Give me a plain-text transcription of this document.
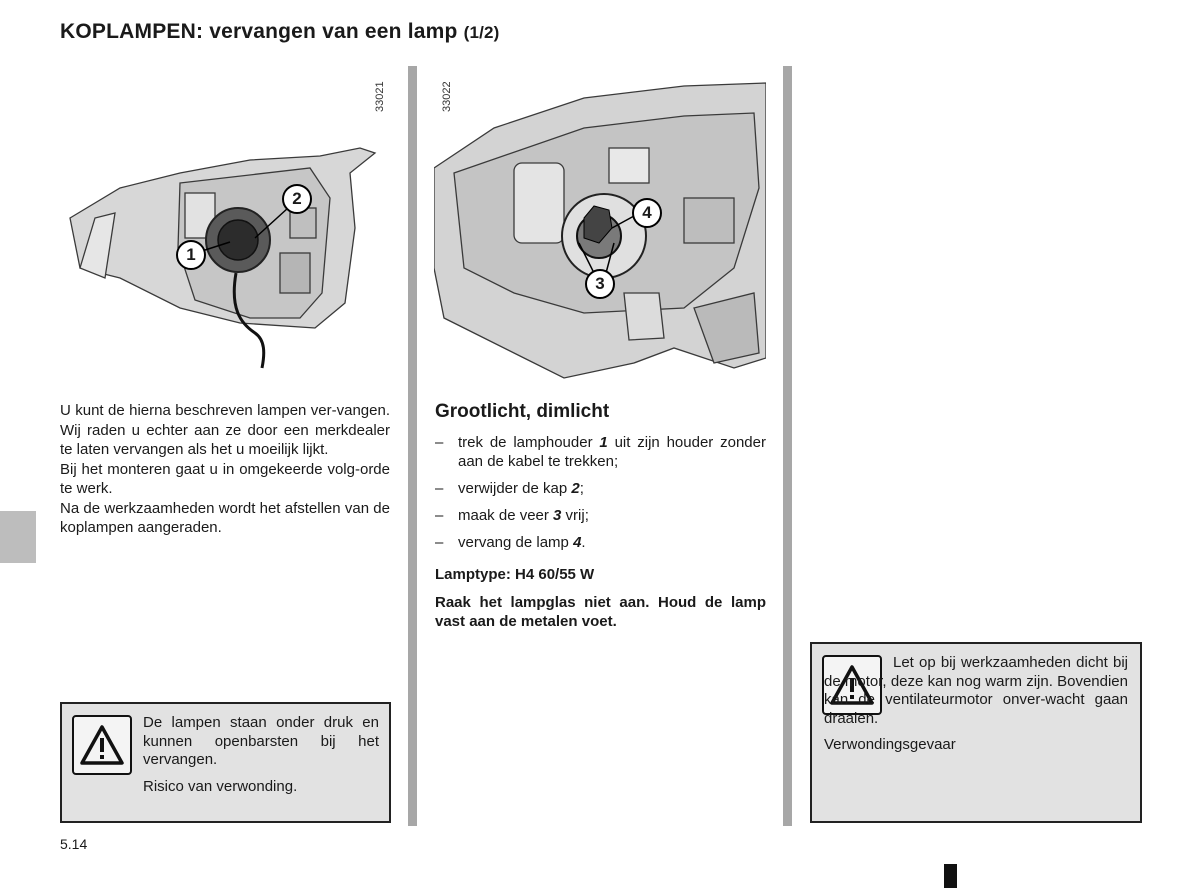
KOPLAMPEN: vervangen van een lamp (1/2)
1
2
33021
4
3
33022

U kunt de hierna beschreven lampen ver-vangen. Wij raden u echter aan ze door een merkdealer te laten vervangen als het u moeilijk lijkt.

Bij het monteren gaat u in omgekeerde volg-orde te werk.

Na de werkzaamheden wordt het afstellen van de koplampen aangeraden.

De lampen staan onder druk en kunnen openbarsten bij het vervangen.

Risico van verwonding.

Grootlicht, dimlicht
– trek de lamphouder 1 uit zijn houder zonder aan de kabel te trekken;
– verwijder de kap 2;
– maak de veer 3 vrij;
– vervang de lamp 4.
Lamptype: H4 60/55 W
Raak het lampglas niet aan. Houd de lamp vast aan de metalen voet.

Let op bij werkzaamheden dicht bij de motor, deze kan nog warm zijn. Bovendien kan de ventilateurmotor onver-wacht gaan draaien.

Verwondingsgevaar

5.14
